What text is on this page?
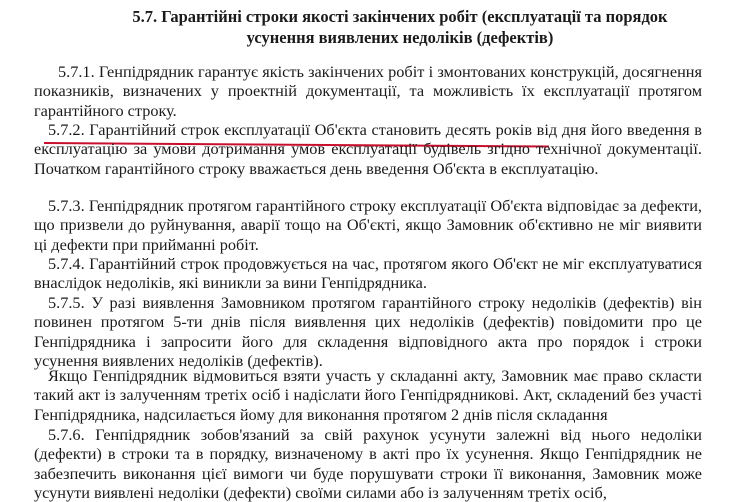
5.7. Гарантійні строки якості закінчених робіт (експлуатації та порядок усунення виявлених недоліків (дефектів)
5.7.1. Генпідрядник гарантує якість закінчених робіт і змонтованих конструкцій, досягнення показників, визначених у проектній документації, та можливість їх експлуатації протягом гарантійного строку.
5.7.2. Гарантійний строк експлуатації Об'єкта становить десять років від дня його введення в експлуатацію за умови дотримання умов експлуатації будівель згідно технічної документації. Початком гарантійного строку вважається день введення Об'єкта в експлуатацію.
5.7.3. Генпідрядник протягом гарантійного строку експлуатації Об'єкта відповідає за дефекти, що призвели до руйнування, аварії тощо на Об'єкті, якщо Замовник об'єктивно не міг виявити ці дефекти при прийманні робіт.
5.7.4. Гарантійний строк продовжується на час, протягом якого Об'єкт не міг експлуатуватися внаслідок недоліків, які виникли за вини Генпідрядника.
5.7.5. У разі виявлення Замовником протягом гарантійного строку недоліків (дефектів) він повинен протягом 5-ти днів після виявлення цих недоліків (дефектів) повідомити про це Генпідрядника і запросити його для складення відповідного акта про порядок і строки усунення виявлених недоліків (дефектів).
Якщо Генпідрядник відмовиться взяти участь у складанні акту, Замовник має право скласти такий акт із залученням третіх осіб і надіслати його Генпідрядникові. Акт, складений без участі Генпідрядника, надсилається йому для виконання протягом 2 днів після складання
5.7.6. Генпідрядник зобов'язаний за свій рахунок усунути залежні від нього недоліки (дефекти) в строки та в порядку, визначеному в акті про їх усунення. Якщо Генпідрядник не забезпечить виконання цієї вимоги чи буде порушувати строки її виконання, Замовник може усунути виявлені недоліки (дефекти) своїми силами або із залученням третіх осіб,
